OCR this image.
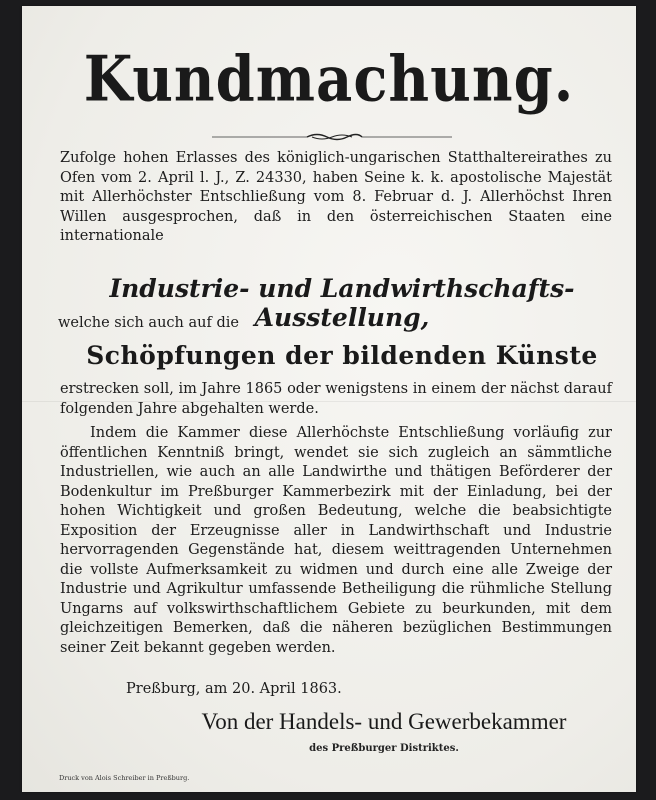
Kundmachung.
Zufolge hohen Erlasses des königlich-ungarischen Statthaltereirathes zu Ofen vom 2. April l. J., Z. 24330, haben Seine k. k. apostolische Majestät mit Allerhöchster Entschließung vom 8. Februar d. J. Allerhöchst Ihren Willen ausgesprochen, daß in den österreichischen Staaten eine internationale
Industrie- und Landwirthschafts-Ausstellung,
welche sich auch auf die
Schöpfungen der bildenden Künste
erstrecken soll, im Jahre 1865 oder wenigstens in einem der nächst darauf folgenden Jahre abgehalten werde.
Indem die Kammer diese Allerhöchste Entschließung vorläufig zur öffentlichen Kenntniß bringt, wendet sie sich zugleich an sämmtliche Industriellen, wie auch an alle Landwirthe und thätigen Beförderer der Bodenkultur im Preßburger Kammerbezirk mit der Einladung, bei der hohen Wichtigkeit und großen Bedeutung, welche die beabsichtigte Exposition der Erzeugnisse aller in Landwirthschaft und Industrie hervorragenden Gegenstände hat, diesem weittragenden Unternehmen die vollste Aufmerksamkeit zu widmen und durch eine alle Zweige der Industrie und Agrikultur umfassende Betheiligung die rühmliche Stellung Ungarns auf volkswirthschaftlichem Gebiete zu beurkunden, mit dem gleichzeitigen Bemerken, daß die näheren bezüglichen Bestimmungen seiner Zeit bekannt gegeben werden.
Preßburg, am 20. April 1863.
Von der Handels- und Gewerbekammer
des Preßburger Distriktes.
Druck von Alois Schreiber in Preßburg.
